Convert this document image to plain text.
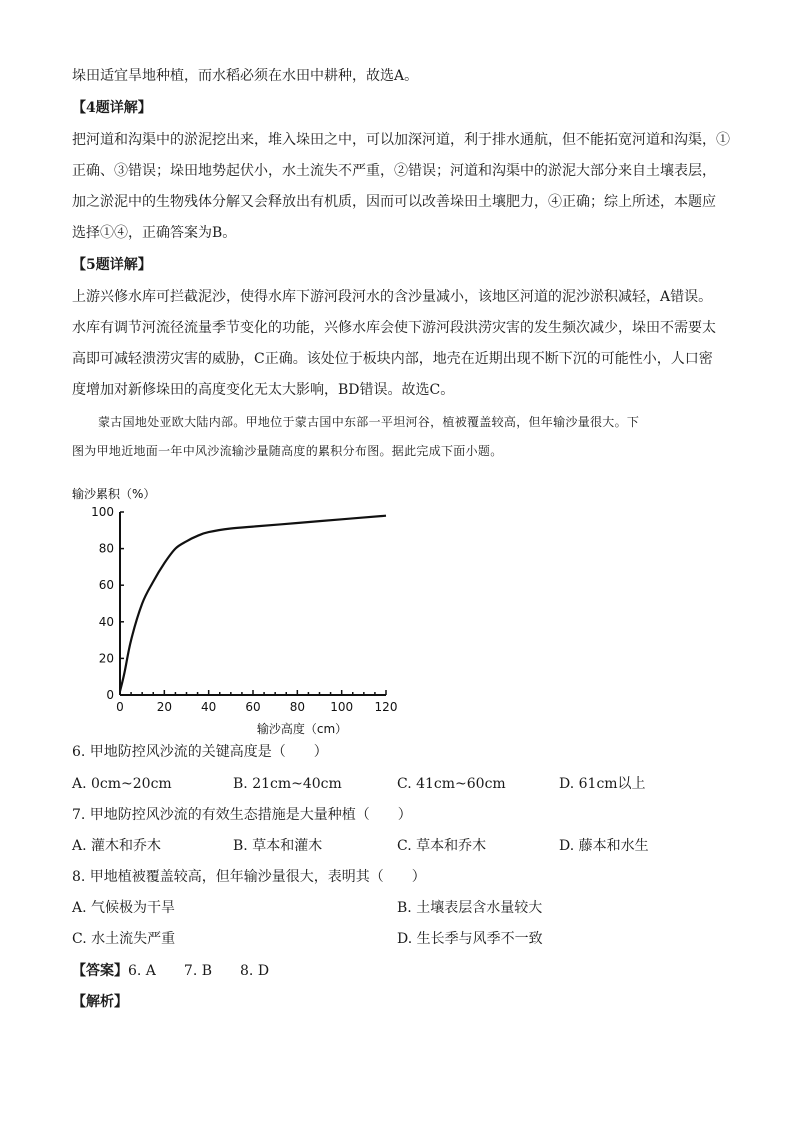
垛田适宜旱地种植，而水稻必须在水田中耕种，故选A。
【4题详解】
把河道和沟渠中的淤泥挖出来，堆入垛田之中，可以加深河道，利于排水通航，但不能拓宽河道和沟渠，①
正确、③错误；垛田地势起伏小，水土流失不严重，②错误；河道和沟渠中的淤泥大部分来自土壤表层，
加之淤泥中的生物残体分解又会释放出有机质，因而可以改善垛田土壤肥力，④正确；综上所述，本题应
选择①④，正确答案为B。
【5题详解】
上游兴修水库可拦截泥沙，使得水库下游河段河水的含沙量减小，该地区河道的泥沙淤积减轻，A错误。
水库有调节河流径流量季节变化的功能，兴修水库会使下游河段洪涝灾害的发生频次减少，垛田不需要太
高即可减轻溃涝灾害的威胁，C正确。该处位于板块内部，地壳在近期出现不断下沉的可能性小，人口密
度增加对新修垛田的高度变化无太大影响，BD错误。故选C。
蒙古国地处亚欧大陆内部。甲地位于蒙古国中东部一平坦河谷，植被覆盖较高，但年输沙量很大。下
图为甲地近地面一年中风沙流输沙量随高度的累积分布图。据此完成下面小题。
输沙累积（%）
0
20
40
60
80
100
0	20 40 60 80 100 120
输沙高度（cm）
6. 甲地防控风沙流的关键高度是（　　）
A. 0cm~20cm	B. 21cm~40cm	C. 41cm~60cm	D. 61cm以上
7. 甲地防控风沙流的有效生态措施是大量种植（　　）
A. 灌木和乔木	B. 草本和灌木	C. 草本和乔木	D. 藤本和水生
8. 甲地植被覆盖较高，但年输沙量很大，表明其（　　）
A. 气候极为干旱	B. 土壤表层含水量较大
C. 水土流失严重	D. 生长季与风季不一致
【答案】6. A　　7. B　　8. D
【解析】
